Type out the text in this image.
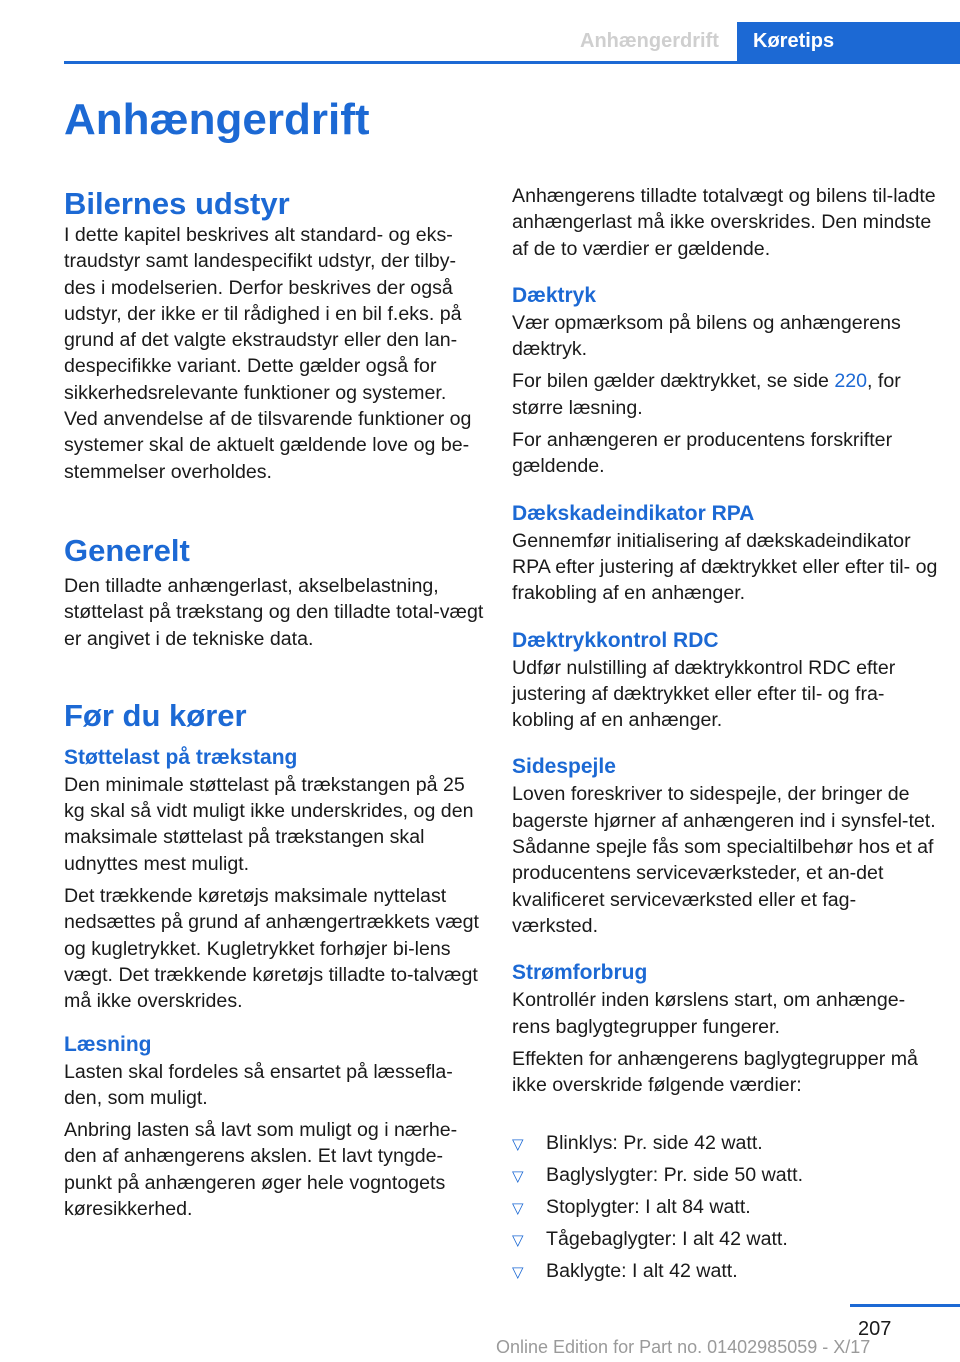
Anhængerdrift	Køretips
Anhængerdrift
Bilernes udstyr

I dette kapitel beskrives alt standard- og eks-traudstyr samt landespecifikt udstyr, der tilby-des i modelserien. Derfor beskrives der også udstyr, der ikke er til rådighed i en bil f.eks. på grund af det valgte ekstraudstyr eller den lan-despecifikke variant. Dette gælder også for sikkerhedsrelevante funktioner og systemer. Ved anvendelse af de tilsvarende funktioner og systemer skal de aktuelt gældende love og be-stemmelser overholdes.

Generelt

Den tilladte anhængerlast, akselbelastning, støttelast på trækstang og den tilladte total-vægt er angivet i de tekniske data.

Før du kører
Støttelast på trækstang

Den minimale støttelast på trækstangen på 25 kg skal så vidt muligt ikke underskrides, og den maksimale støttelast på trækstangen skal udnyttes mest muligt.

Det trækkende køretøjs maksimale nyttelast nedsættes på grund af anhængertrækkets vægt og kugletrykket. Kugletrykket forhøjer bi-lens vægt. Det trækkende køretøjs tilladte to-talvægt må ikke overskrides.

Læsning

Lasten skal fordeles så ensartet på læssefla-den, som muligt.

Anbring lasten så lavt som muligt og i nærhe-den af anhængerens akslen. Et lavt tyngde-punkt på anhængeren øger hele vogntogets køresikkerhed.

Anhængerens tilladte totalvægt og bilens til-ladte anhængerlast må ikke overskrides. Den mindste af de to værdier er gældende.

Dæktryk

Vær opmærksom på bilens og anhængerens dæktryk.

For bilen gælder dæktrykket, se side 220, for større læsning.

For anhængeren er producentens forskrifter gældende.

Dækskadeindikator RPA

Gennemfør initialisering af dækskadeindikator RPA efter justering af dæktrykket eller efter til- og frakobling af en anhænger.

Dæktrykkontrol RDC

Udfør nulstilling af dæktrykkontrol RDC efter justering af dæktrykket eller efter til- og fra-kobling af en anhænger.

Sidespejle

Loven foreskriver to sidespejle, der bringer de bagerste hjørner af anhængeren ind i synsfel-tet. Sådanne spejle fås som specialtilbehør hos et af producentens serviceværksteder, et an-det kvalificeret serviceværksted eller et fag-værksted.

Strømforbrug

Kontrollér inden kørslens start, om anhænge-rens baglygtegrupper fungerer.

Effekten for anhængerens baglygtegrupper må ikke overskride følgende værdier:

▽ Blinklys: Pr. side 42 watt.
▽ Baglyslygter: Pr. side 50 watt.
▽ Stoplygter: I alt 84 watt.
▽ Tågebaglygter: I alt 42 watt.
▽ Baklygte: I alt 42 watt.
207
Online Edition for Part no. 01402985059 - X/17
